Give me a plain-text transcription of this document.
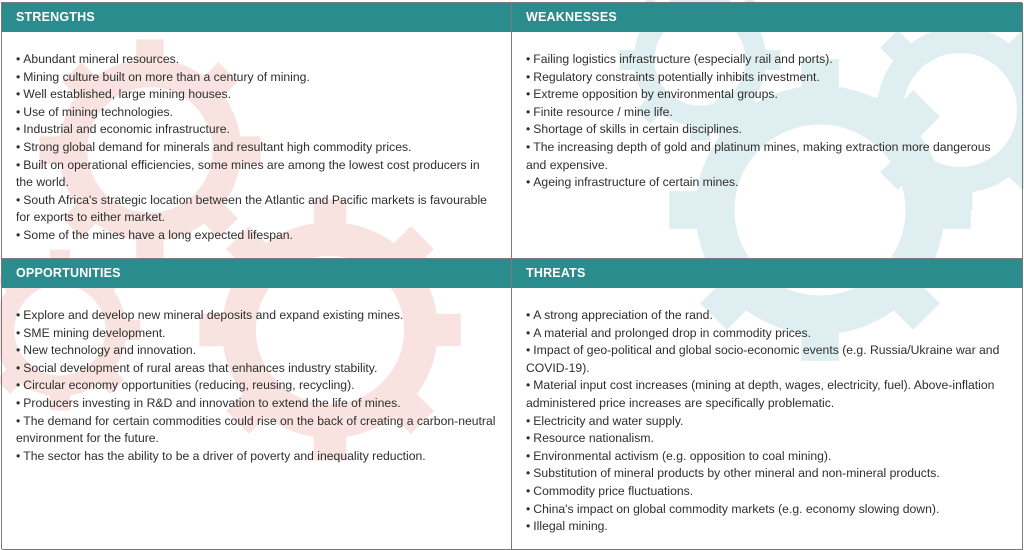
STRENGTHS
• Abundant mineral resources.
• Mining culture built on more than a century of mining.
• Well established, large mining houses.
• Use of mining technologies.
• Industrial and economic infrastructure.
• Strong global demand for minerals and resultant high commodity prices.
• Built on operational efficiencies, some mines are among the lowest cost producers in the world.
• South Africa's strategic location between the Atlantic and Pacific markets is favourable for exports to either market.
• Some of the mines have a long expected lifespan.
WEAKNESSES
• Failing logistics infrastructure (especially rail and ports).
• Regulatory constraints potentially inhibits investment.
• Extreme opposition by environmental groups.
• Finite resource / mine life.
• Shortage of skills in certain disciplines.
• The increasing depth of gold and platinum mines, making extraction more dangerous and expensive.
• Ageing infrastructure of certain mines.
OPPORTUNITIES
• Explore and develop new mineral deposits and expand existing mines.
• SME mining development.
• New technology and innovation.
• Social development of rural areas that enhances industry stability.
• Circular economy opportunities (reducing, reusing, recycling).
• Producers investing in R&D and innovation to extend the life of mines.
• The demand for certain commodities could rise on the back of creating a carbon-neutral environment for the future.
• The sector has the ability to be a driver of poverty and inequality reduction.
THREATS
• A strong appreciation of the rand.
• A material and prolonged drop in commodity prices.
• Impact of geo-political and global socio-economic events (e.g. Russia/Ukraine war and COVID-19).
• Material input cost increases (mining at depth, wages, electricity, fuel). Above-inflation administered price increases are specifically problematic.
• Electricity and water supply.
• Resource nationalism.
• Environmental activism (e.g. opposition to coal mining).
• Substitution of mineral products by other mineral and non-mineral products.
• Commodity price fluctuations.
• China's impact on global commodity markets (e.g. economy slowing down).
• Illegal mining.
